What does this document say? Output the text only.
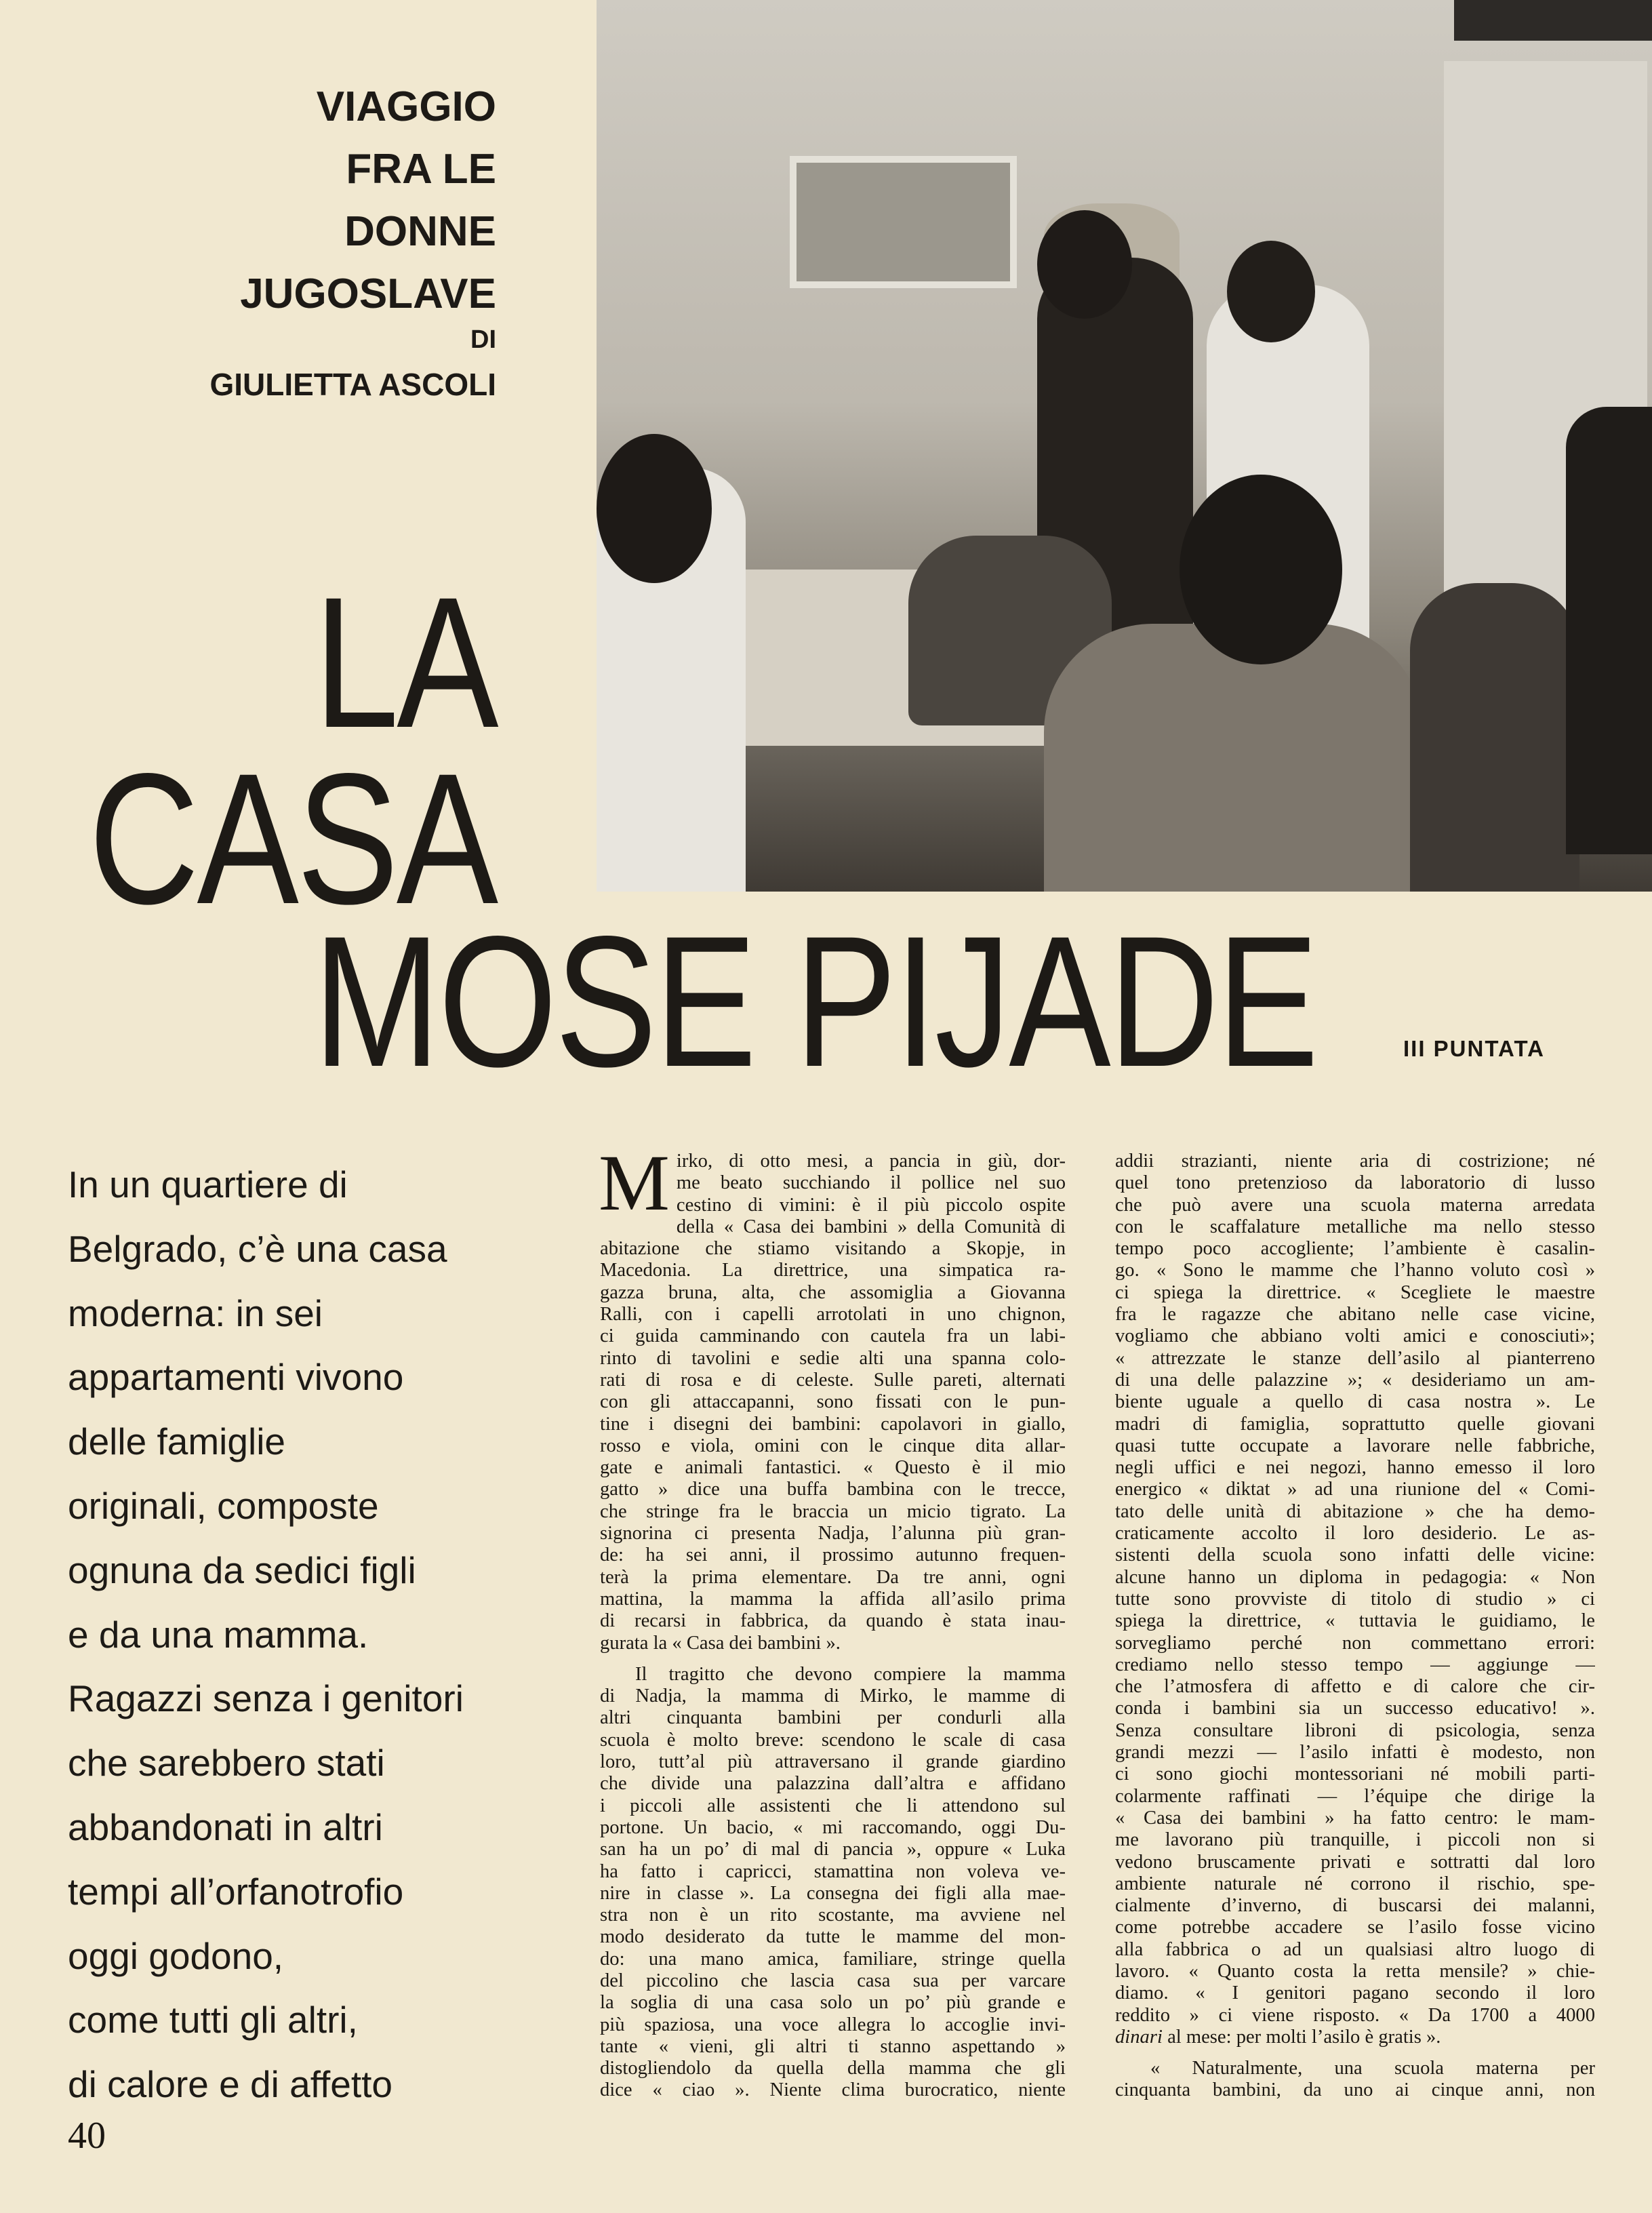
VIAGGIO
FRA LE
DONNE
JUGOSLAVE
DI
GIULIETTA ASCOLI
LA
CASA
MOSE PIJADE	III PUNTATA
In un quartiere di
Belgrado, c’è una casa
moderna: in sei
appartamenti vivono
delle famiglie
originali, composte
ognuna da sedici figli
e da una mamma.
Ragazzi senza i genitori
che sarebbero stati
abbandonati in altri
tempi all’orfanotrofio
oggi godono,
come tutti gli altri,
di calore e di affetto
M irko, di otto mesi, a pancia in giù, dor-
me beato succhiando il pollice nel suo
cestino di vimini: è il più piccolo ospite
della « Casa dei bambini » della Comunità di
abitazione che stiamo visitando a Skopje, in
Macedonia. La direttrice, una simpatica ra-
gazza bruna, alta, che assomiglia a Giovanna
Ralli, con i capelli arrotolati in uno chignon,
ci guida camminando con cautela fra un labi-
rinto di tavolini e sedie alti una spanna colo-
rati di rosa e di celeste. Sulle pareti, alternati
con gli attaccapanni, sono fissati con le pun-
tine i disegni dei bambini: capolavori in giallo,
rosso e viola, omini con le cinque dita allar-
gate e animali fantastici. « Questo è il mio
gatto » dice una buffa bambina con le trecce,
che stringe fra le braccia un micio tigrato. La
signorina ci presenta Nadja, l’alunna più gran-
de: ha sei anni, il prossimo autunno frequen-
terà la prima elementare. Da tre anni, ogni
mattina, la mamma la affida all’asilo prima
di recarsi in fabbrica, da quando è stata inau-
gurata la « Casa dei bambini ».
Il tragitto che devono compiere la mamma
di Nadja, la mamma di Mirko, le mamme di
altri cinquanta bambini per condurli alla
scuola è molto breve: scendono le scale di casa
loro, tutt’al più attraversano il grande giardino
che divide una palazzina dall’altra e affidano
i piccoli alle assistenti che li attendono sul
portone. Un bacio, « mi raccomando, oggi Du-
san ha un po’ di mal di pancia », oppure « Luka
ha fatto i capricci, stamattina non voleva ve-
nire in classe ». La consegna dei figli alla mae-
stra non è un rito scostante, ma avviene nel
modo desiderato da tutte le mamme del mon-
do: una mano amica, familiare, stringe quella
del piccolino che lascia casa sua per varcare
la soglia di una casa solo un po’ più grande e
più spaziosa, una voce allegra lo accoglie invi-
tante « vieni, gli altri ti stanno aspettando »
distogliendolo da quella della mamma che gli
dice « ciao ». Niente clima burocratico, niente
addii strazianti, niente aria di costrizione; né
quel tono pretenzioso da laboratorio di lusso
che può avere una scuola materna arredata
con le scaffalature metalliche ma nello stesso
tempo poco accogliente; l’ambiente è casalin-
go. « Sono le mamme che l’hanno voluto così »
ci spiega la direttrice. « Scegliete le maestre
fra le ragazze che abitano nelle case vicine,
vogliamo che abbiano volti amici e conosciuti»;
« attrezzate le stanze dell’asilo al pianterreno
di una delle palazzine »; « desideriamo un am-
biente uguale a quello di casa nostra ». Le
madri di famiglia, soprattutto quelle giovani
quasi tutte occupate a lavorare nelle fabbriche,
negli uffici e nei negozi, hanno emesso il loro
energico « diktat » ad una riunione del « Comi-
tato delle unità di abitazione » che ha demo-
craticamente accolto il loro desiderio. Le as-
sistenti della scuola sono infatti delle vicine:
alcune hanno un diploma in pedagogia: « Non
tutte sono provviste di titolo di studio » ci
spiega la direttrice, « tuttavia le guidiamo, le
sorvegliamo perché non commettano errori:
crediamo nello stesso tempo — aggiunge —
che l’atmosfera di affetto e di calore che cir-
conda i bambini sia un successo educativo! ».
Senza consultare libroni di psicologia, senza
grandi mezzi — l’asilo infatti è modesto, non
ci sono giochi montessoriani né mobili parti-
colarmente raffinati — l’équipe che dirige la
« Casa dei bambini » ha fatto centro: le mam-
me lavorano più tranquille, i piccoli non si
vedono bruscamente privati e sottratti dal loro
ambiente naturale né corrono il rischio, spe-
cialmente d’inverno, di buscarsi dei malanni,
come potrebbe accadere se l’asilo fosse vicino
alla fabbrica o ad un qualsiasi altro luogo di
lavoro. « Quanto costa la retta mensile? » chie-
diamo. « I genitori pagano secondo il loro
reddito » ci viene risposto. « Da 1700 a 4000
dinari al mese: per molti l’asilo è gratis ».
« Naturalmente, una scuola materna per
cinquanta bambini, da uno ai cinque anni, non
40
